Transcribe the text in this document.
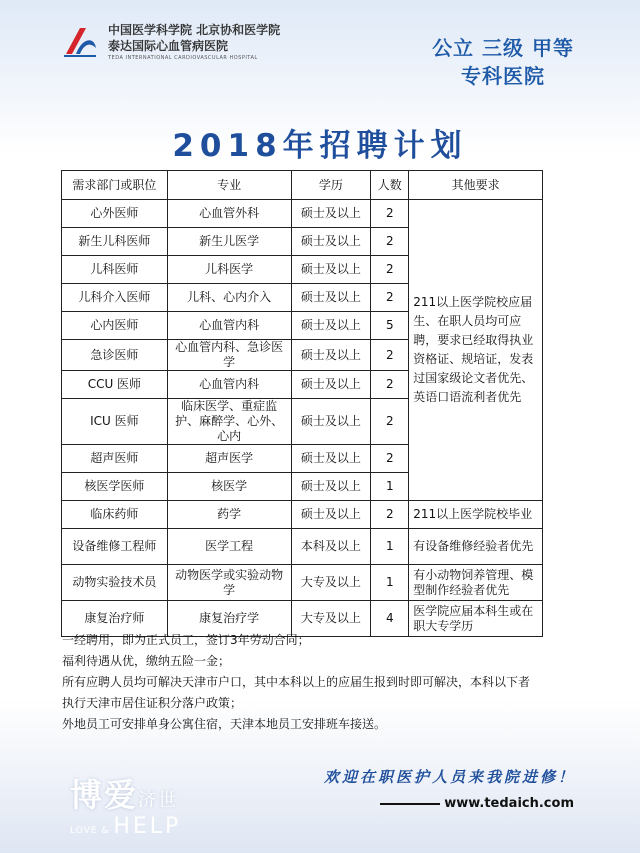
中国医学科学院 北京协和医学院
泰达国际心血管病医院
TEDA INTERNATIONAL CARDIOVASCULAR HOSPITAL	公立 三级 甲等
专科医院
2018年招聘计划
需求部门或职位	专业	学历	人数	其他要求
心外医师	心血管外科	硕士及以上	2	211以上医学院校应届生、在职人员均可应聘，要求已经取得执业资格证、规培证，发表过国家级论文者优先、英语口语流利者优先
新生儿科医师	新生儿医学	硕士及以上	2	
儿科医师	儿科医学	硕士及以上	2	
儿科介入医师	儿科、心内介入	硕士及以上	2	
心内医师	心血管内科	硕士及以上	5	
急诊医师	心血管内科、急诊医学	硕士及以上	2	
CCU 医师	心血管内科	硕士及以上	2	
ICU 医师	临床医学、重症监护、麻醉学、心外、心内	硕士及以上	2	
超声医师	超声医学	硕士及以上	2	
核医学医师	核医学	硕士及以上	1	
临床药师	药学	硕士及以上	2	211以上医学院校毕业
设备维修工程师	医学工程	本科及以上	1	有设备维修经验者优先
动物实验技术员	动物医学或实验动物学	大专及以上	1	有小动物饲养管理、模型制作经验者优先
康复治疗师	康复治疗学	大专及以上	4	医学院应届本科生或在职大专学历
一经聘用，即为正式员工，签订3年劳动合同；
福利待遇从优，缴纳五险一金；
所有应聘人员均可解决天津市户口，其中本科以上的应届生报到时即可解决，本科以下者
执行天津市居住证积分落户政策；
外地员工可安排单身公寓住宿，天津本地员工安排班车接送。
博爱济世
LOVE & HELP
欢迎在职医护人员来我院进修！
www.tedaich.com
